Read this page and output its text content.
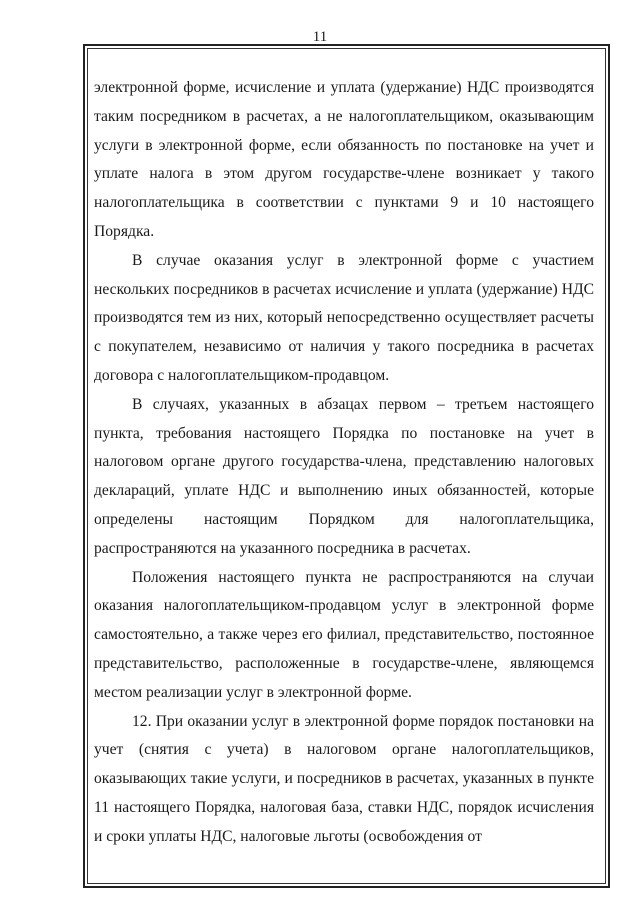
11

электронной форме, исчисление и уплата (удержание) НДС производятся таким посредником в расчетах, а не налогоплательщиком, оказывающим услуги в электронной форме, если обязанность по постановке на учет и уплате налога в этом другом государстве-члене возникает у такого налогоплательщика в соответствии с пунктами 9 и 10 настоящего Порядка.

В случае оказания услуг в электронной форме с участием нескольких посредников в расчетах исчисление и уплата (удержание) НДС производятся тем из них, который непосредственно осуществляет расчеты с покупателем, независимо от наличия у такого посредника в расчетах договора с налогоплательщиком-продавцом.

В случаях, указанных в абзацах первом – третьем настоящего пункта, требования настоящего Порядка по постановке на учет в налоговом органе другого государства-члена, представлению налоговых деклараций, уплате НДС и выполнению иных обязанностей, которые определены настоящим Порядком для налогоплательщика, распространяются на указанного посредника в расчетах.

Положения настоящего пункта не распространяются на случаи оказания налогоплательщиком-продавцом услуг в электронной форме самостоятельно, а также через его филиал, представительство, постоянное представительство, расположенные в государстве-члене, являющемся местом реализации услуг в электронной форме.

12. При оказании услуг в электронной форме порядок постановки на учет (снятия с учета) в налоговом органе налогоплательщиков, оказывающих такие услуги, и посредников в расчетах, указанных в пункте 11 настоящего Порядка, налоговая база, ставки НДС, порядок исчисления и сроки уплаты НДС, налоговые льготы (освобождения от
